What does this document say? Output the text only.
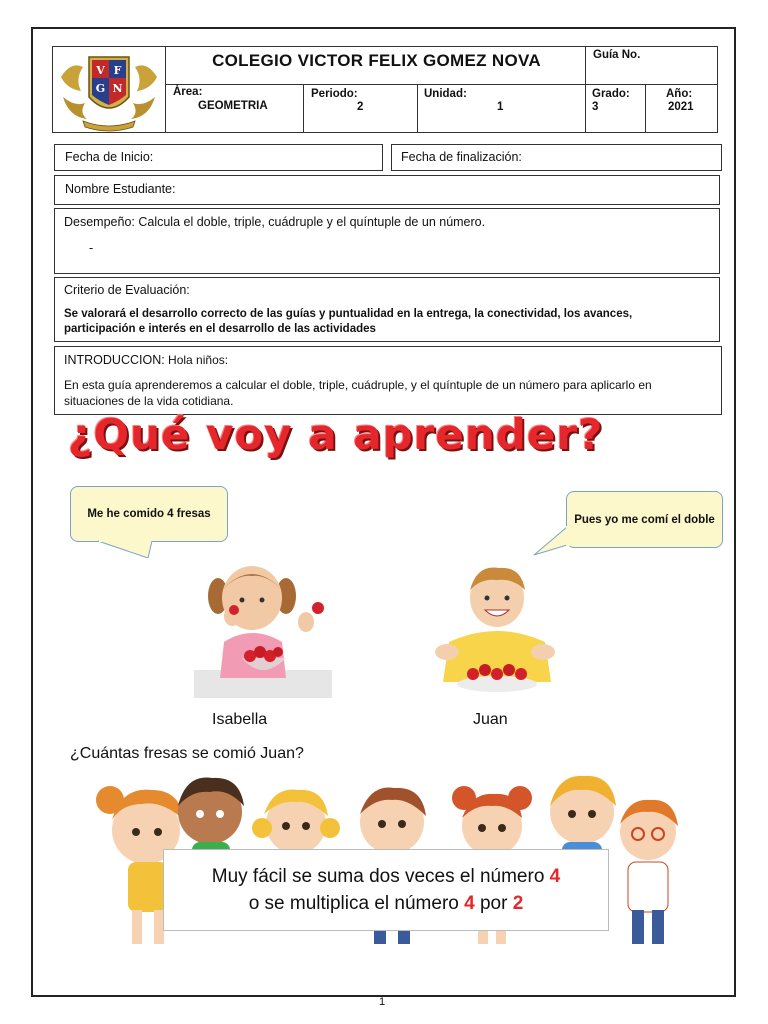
V F
G N
COLEGIO VICTOR FELIX GOMEZ NOVA	Guía No.
Área:
GEOMETRIA
Periodo:
2
Unidad:
1
Grado:
3
Año:
2021
Fecha de Inicio:	Fecha de finalización:
Nombre Estudiante:
Desempeño: Calcula el doble, triple, cuádruple y el quíntuple de un número.
-
Criterio de Evaluación:
Se valorará el desarrollo correcto de las guías y puntualidad en la entrega, la conectividad, los avances, participación e interés en el desarrollo de las actividades
INTRODUCCION: Hola niños:
En esta guía aprenderemos a calcular el doble, triple, cuádruple, y el quíntuple de un número para aplicarlo en situaciones de la vida cotidiana.
¿Qué voy a aprender?
Me he comido 4 fresas	Pues yo me comí el doble
Isabella	Juan
¿Cuántas fresas se comió Juan?
Muy fácil se suma dos veces el número 4
o se multiplica el número 4 por 2
1
